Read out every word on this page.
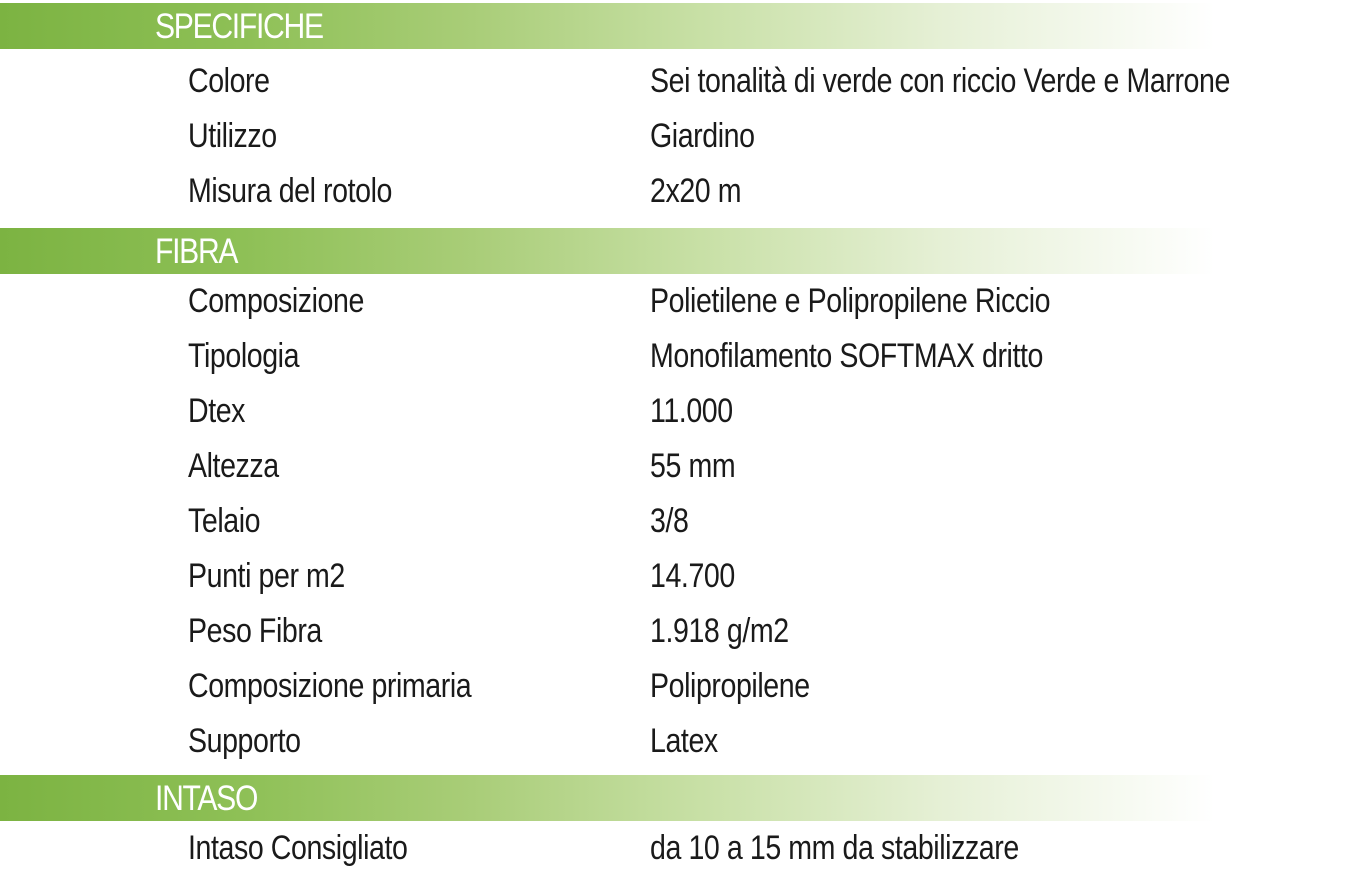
SPECIFICHE
Colore	Sei tonalità di verde con riccio Verde e Marrone
Utilizzo	Giardino
Misura del rotolo	2x20 m
FIBRA
Composizione	Polietilene e Polipropilene Riccio
Tipologia	Monofilamento SOFTMAX dritto
Dtex	11.000
Altezza	55 mm
Telaio	3/8
Punti per m2	14.700
Peso Fibra	1.918 g/m2
Composizione primaria	Polipropilene
Supporto	Latex
INTASO
Intaso Consigliato	da 10 a 15 mm da stabilizzare
